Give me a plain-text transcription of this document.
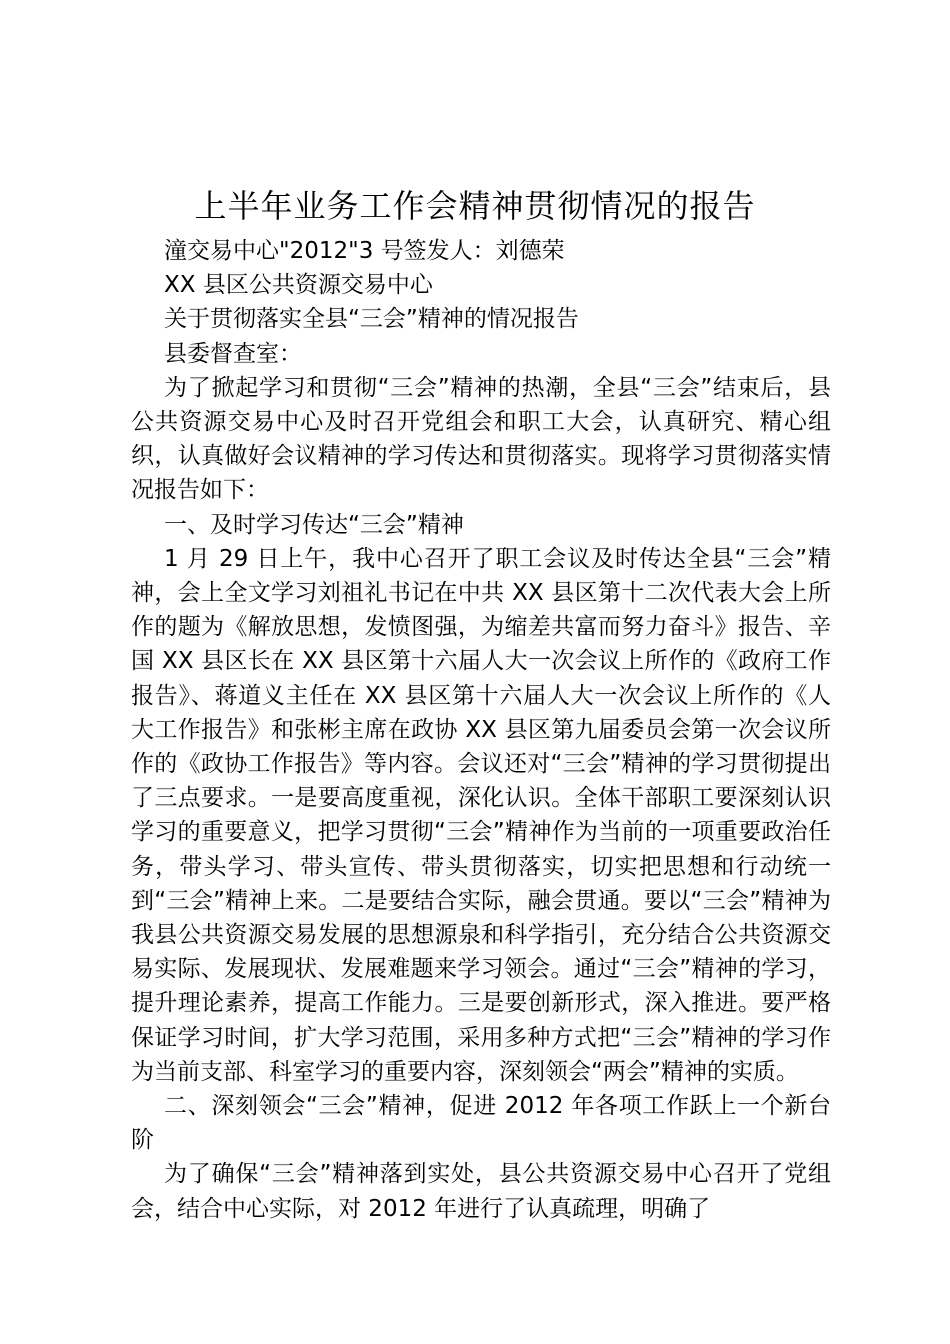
上半年业务工作会精神贯彻情况的报告

潼交易中心"2012"3 号签发人：刘德荣

XX 县区公共资源交易中心

关于贯彻落实全县“三会”精神的情况报告

县委督查室：

为了掀起学习和贯彻“三会”精神的热潮，全县“三会”结束后，县公共资源交易中心及时召开党组会和职工大会，认真研究、精心组织，认真做好会议精神的学习传达和贯彻落实。现将学习贯彻落实情况报告如下：

一、及时学习传达“三会”精神

1 月 29 日上午，我中心召开了职工会议及时传达全县“三会”精神，会上全文学习刘祖礼书记在中共 XX 县区第十二次代表大会上所作的题为《解放思想，发愤图强，为缩差共富而努力奋斗》报告、辛国 XX 县区长在 XX 县区第十六届人大一次会议上所作的《政府工作报告》、蒋道义主任在 XX 县区第十六届人大一次会议上所作的《人大工作报告》和张彬主席在政协 XX 县区第九届委员会第一次会议所作的《政协工作报告》等内容。会议还对“三会”精神的学习贯彻提出了三点要求。一是要高度重视，深化认识。全体干部职工要深刻认识学习的重要意义，把学习贯彻“三会”精神作为当前的一项重要政治任务，带头学习、带头宣传、带头贯彻落实，切实把思想和行动统一到“三会”精神上来。二是要结合实际，融会贯通。要以“三会”精神为我县公共资源交易发展的思想源泉和科学指引，充分结合公共资源交易实际、发展现状、发展难题来学习领会。通过“三会”精神的学习，提升理论素养，提高工作能力。三是要创新形式，深入推进。要严格保证学习时间，扩大学习范围，采用多种方式把“三会”精神的学习作为当前支部、科室学习的重要内容，深刻领会“两会”精神的实质。

二、深刻领会“三会”精神，促进 2012 年各项工作跃上一个新台阶

为了确保“三会”精神落到实处，县公共资源交易中心召开了党组会，结合中心实际，对 2012 年进行了认真疏理，明确了
